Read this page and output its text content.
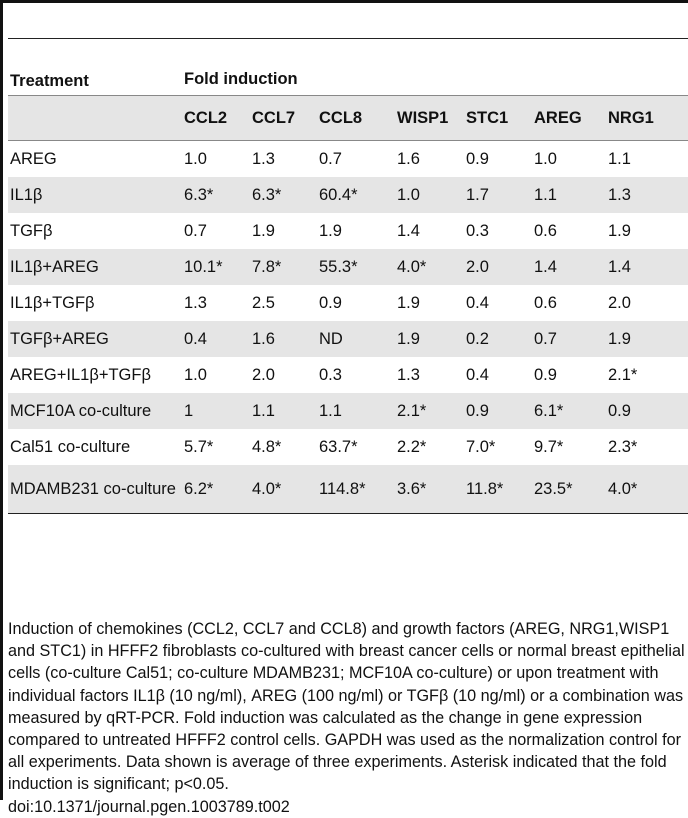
Treatment	Fold induction						
	CCL2	CCL7	CCL8	WISP1	STC1	AREG	NRG1
AREG	1.0	1.3	0.7	1.6	0.9	1.0	1.1
IL1β	6.3*	6.3*	60.4*	1.0	1.7	1.1	1.3
TGFβ	0.7	1.9	1.9	1.4	0.3	0.6	1.9
IL1β+AREG	10.1*	7.8*	55.3*	4.0*	2.0	1.4	1.4
IL1β+TGFβ	1.3	2.5	0.9	1.9	0.4	0.6	2.0
TGFβ+AREG	0.4	1.6	ND	1.9	0.2	0.7	1.9
AREG+IL1β+TGFβ	1.0	2.0	0.3	1.3	0.4	0.9	2.1*
MCF10A co-culture	1	1.1	1.1	2.1*	0.9	6.1*	0.9
Cal51 co-culture	5.7*	4.8*	63.7*	2.2*	7.0*	9.7*	2.3*
MDAMB231 co-culture	6.2*	4.0*	114.8*	3.6*	11.8*	23.5*	4.0*
Induction of chemokines (CCL2, CCL7 and CCL8) and growth factors (AREG, NRG1,WISP1 and STC1) in HFFF2 fibroblasts co-cultured with breast cancer cells or normal breast epithelial cells (co-culture Cal51; co-culture MDAMB231; MCF10A co-culture) or upon treatment with individual factors IL1β (10 ng/ml), AREG (100 ng/ml) or TGFβ (10 ng/ml) or a combination was measured by qRT-PCR. Fold induction was calculated as the change in gene expression compared to untreated HFFF2 control cells. GAPDH was used as the normalization control for all experiments. Data shown is average of three experiments. Asterisk indicated that the fold induction is significant; p<0.05.
doi:10.1371/journal.pgen.1003789.t002
